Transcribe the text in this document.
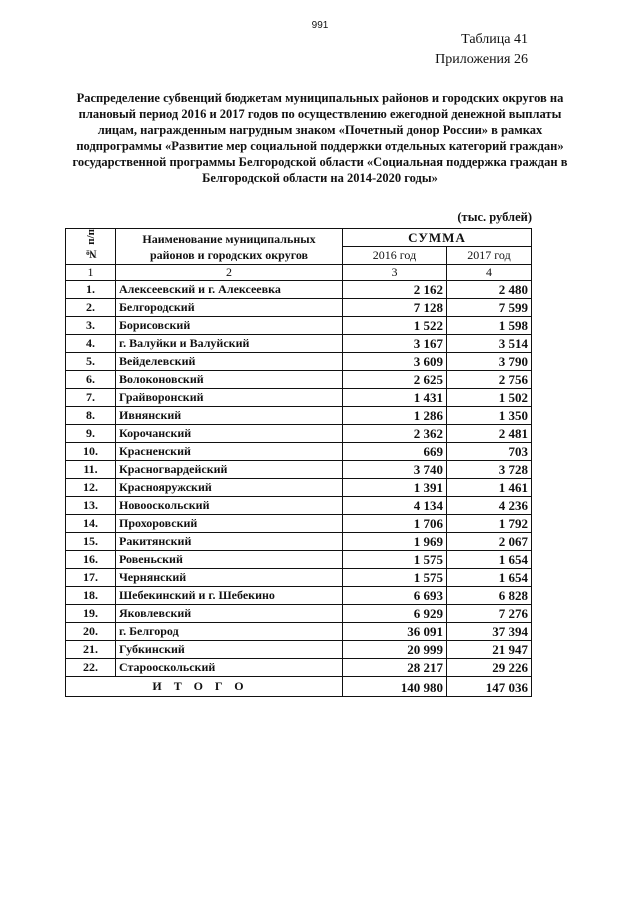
991
Таблица 41
Приложения 26
Распределение субвенций бюджетам муниципальных районов и городских округов на плановый период 2016 и 2017 годов по осуществлению ежегодной денежной выплаты лицам, награжденным нагрудным знаком «Почетный донор России» в рамках подпрограммы «Развитие мер социальной поддержки отдельных категорий граждан» государственной программы Белгородской области «Социальная поддержка граждан в Белгородской области на 2014-2020 годы»
(тыс. рублей)
№ п/п	Наименование муниципальных районов и городских округов	СУММА	
		2016 год	2017 год
1	2	3	4
1.	Алексеевский и г. Алексеевка	2 162	2 480
2.	Белгородский	7 128	7 599
3.	Борисовский	1 522	1 598
4.	г. Валуйки и Валуйский	3 167	3 514
5.	Вейделевский	3 609	3 790
6.	Волоконовский	2 625	2 756
7.	Грайворонский	1 431	1 502
8.	Ивнянский	1 286	1 350
9.	Корочанский	2 362	2 481
10.	Красненский	669	703
11.	Красногвардейский	3 740	3 728
12.	Краснояружский	1 391	1 461
13.	Новооскольский	4 134	4 236
14.	Прохоровский	1 706	1 792
15.	Ракитянский	1 969	2 067
16.	Ровеньский	1 575	1 654
17.	Чернянский	1 575	1 654
18.	Шебекинский и г. Шебекино	6 693	6 828
19.	Яковлевский	6 929	7 276
20.	г. Белгород	36 091	37 394
21.	Губкинский	20 999	21 947
22.	Старооскольский	28 217	29 226
ИТОГО		140 980	147 036
